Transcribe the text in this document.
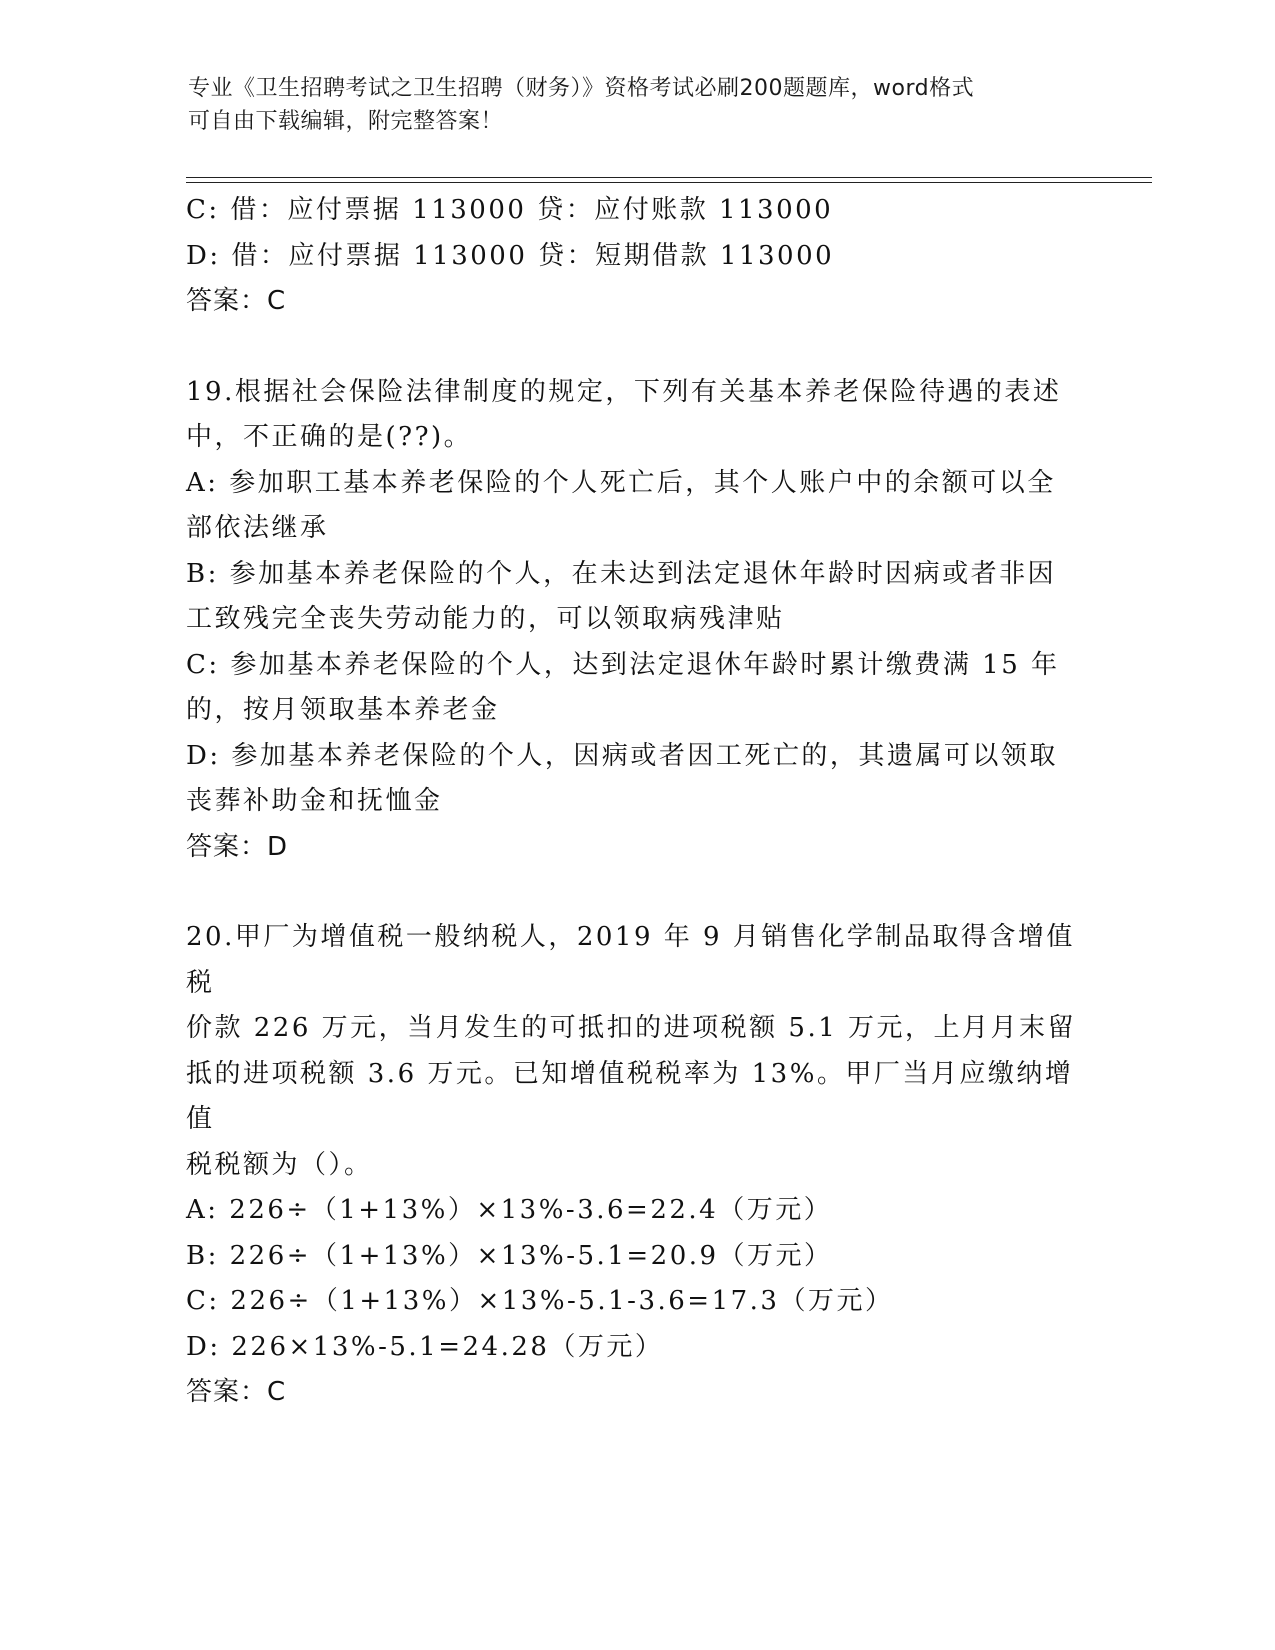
专业《卫生招聘考试之卫生招聘（财务）》资格考试必刷200题题库，word格式
可自由下载编辑，附完整答案！
C: 借：应付票据 113000 贷：应付账款 113000
D: 借：应付票据 113000 贷：短期借款 113000
答案：C
19.根据社会保险法律制度的规定，下列有关基本养老保险待遇的表述
中，不正确的是(??)。
A: 参加职工基本养老保险的个人死亡后，其个人账户中的余额可以全
部依法继承
B: 参加基本养老保险的个人，在未达到法定退休年龄时因病或者非因
工致残完全丧失劳动能力的，可以领取病残津贴
C: 参加基本养老保险的个人，达到法定退休年龄时累计缴费满 15 年
的，按月领取基本养老金
D: 参加基本养老保险的个人，因病或者因工死亡的，其遗属可以领取
丧葬补助金和抚恤金
答案：D
20.甲厂为增值税一般纳税人，2019 年 9 月销售化学制品取得含增值税
价款 226 万元，当月发生的可抵扣的进项税额 5.1 万元，上月月末留
抵的进项税额 3.6 万元。已知增值税税率为 13%。甲厂当月应缴纳增值
税税额为（）。
A: 226÷（1+13%）×13%-3.6=22.4（万元）
B: 226÷（1+13%）×13%-5.1=20.9（万元）
C: 226÷（1+13%）×13%-5.1-3.6=17.3（万元）
D: 226×13%-5.1=24.28（万元）
答案：C
